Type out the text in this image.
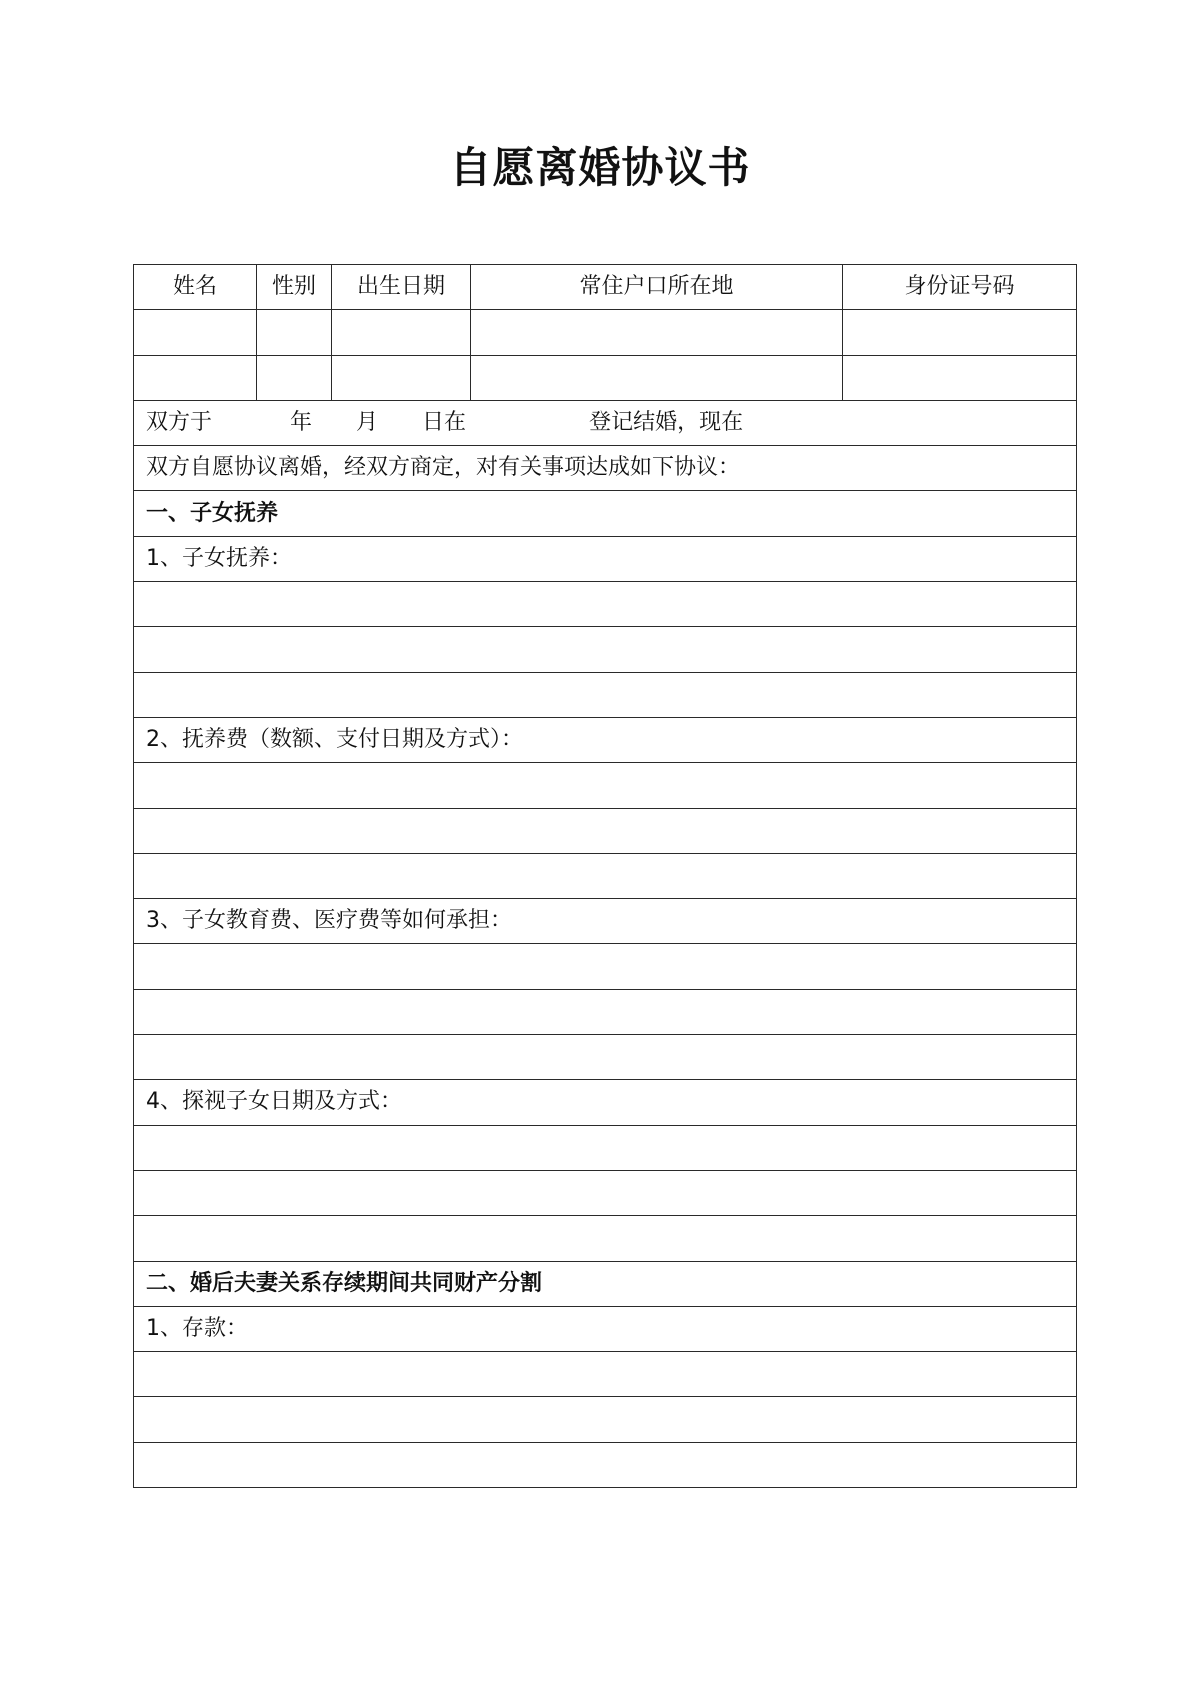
自愿离婚协议书
姓名	性别	出生日期	常住户口所在地	身份证号码

双方于 年 月 日在 登记结婚，现在				
双方自愿协议离婚，经双方商定，对有关事项达成如下协议：				
一、子女抚养				
1、子女抚养：				

2、抚养费（数额、支付日期及方式）：				

3、子女教育费、医疗费等如何承担：				

4、探视子女日期及方式：				

二、婚后夫妻关系存续期间共同财产分割				
1、存款：				
